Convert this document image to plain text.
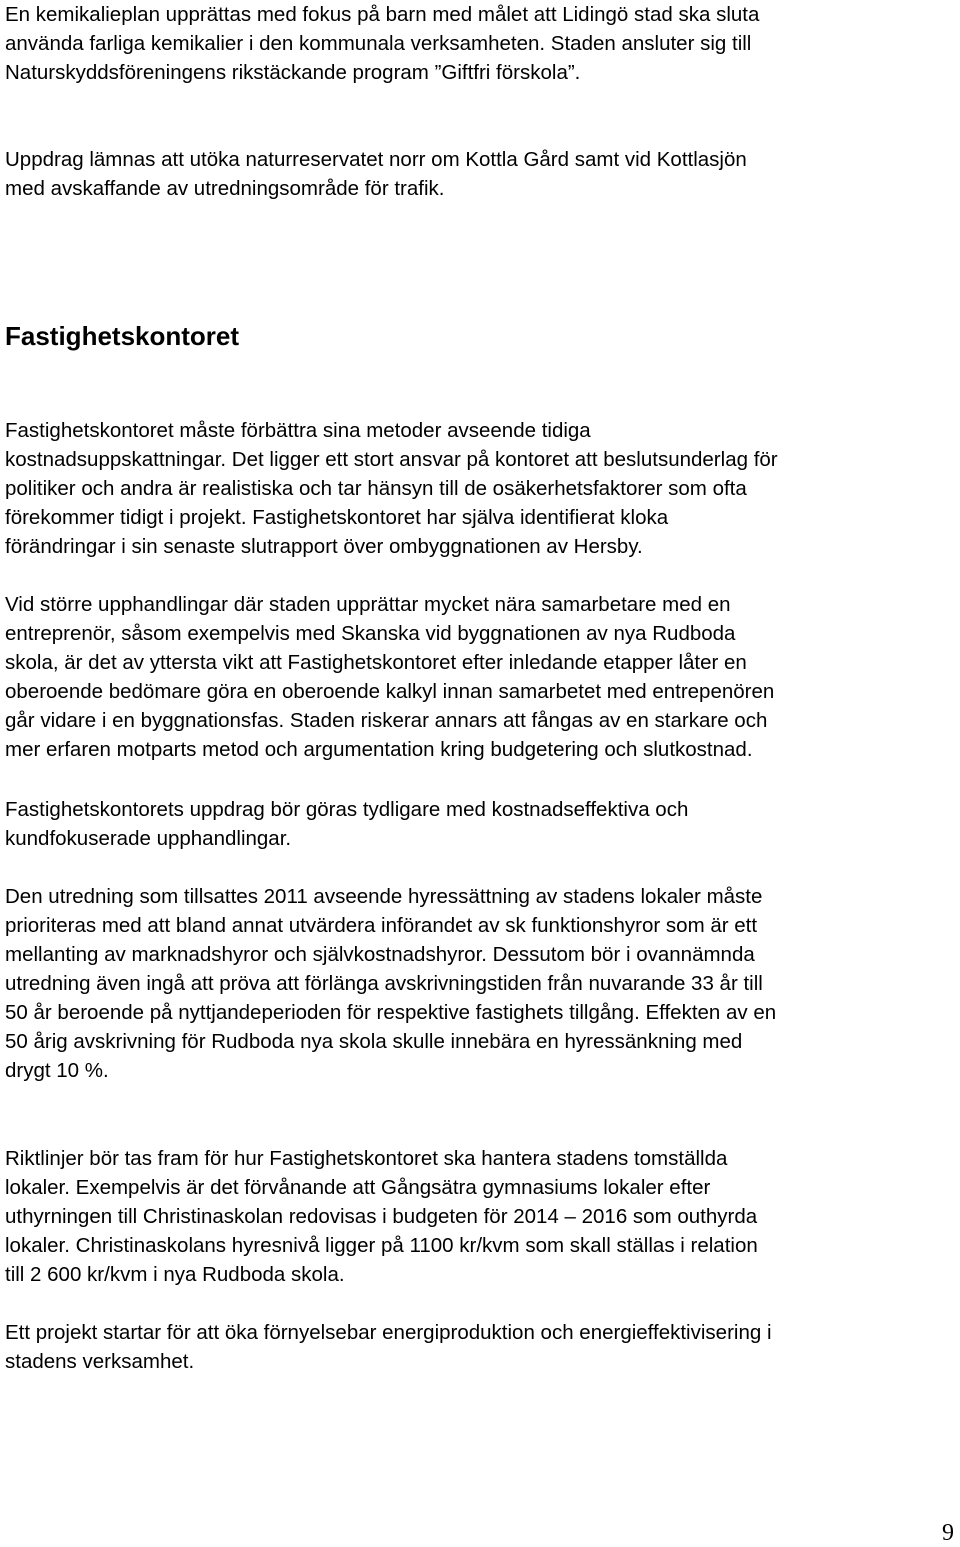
En kemikalieplan upprättas med fokus på barn med målet att Lidingö stad ska sluta
använda farliga kemikalier i den kommunala verksamheten. Staden ansluter sig till
Naturskyddsföreningens rikstäckande program ”Giftfri förskola”.

Uppdrag lämnas att utöka naturreservatet norr om Kottla Gård samt vid Kottlasjön
med avskaffande av utredningsområde för trafik.

Fastighetskontoret

Fastighetskontoret måste förbättra sina metoder avseende tidiga
kostnadsuppskattningar. Det ligger ett stort ansvar på kontoret att beslutsunderlag för
politiker och andra är realistiska och tar hänsyn till de osäkerhetsfaktorer som ofta
förekommer tidigt i projekt. Fastighetskontoret har själva identifierat kloka
förändringar i sin senaste slutrapport över ombyggnationen av Hersby.

Vid större upphandlingar där staden upprättar mycket nära samarbetare med en
entreprenör, såsom exempelvis med Skanska vid byggnationen av nya Rudboda
skola, är det av yttersta vikt att Fastighetskontoret efter inledande etapper låter en
oberoende bedömare göra en oberoende kalkyl innan samarbetet med entrepenören
går vidare i en byggnationsfas. Staden riskerar annars att fångas av en starkare och
mer erfaren motparts metod och argumentation kring budgetering och slutkostnad.

Fastighetskontorets uppdrag bör göras tydligare med kostnadseffektiva och
kundfokuserade upphandlingar.

Den utredning som tillsattes 2011 avseende hyressättning av stadens lokaler måste
prioriteras med att bland annat utvärdera införandet av sk funktionshyror som är ett
mellanting av marknadshyror och självkostnadshyror. Dessutom bör i ovannämnda
utredning även ingå att pröva att förlänga avskrivningstiden från nuvarande 33 år till
50 år beroende på nyttjandeperioden för respektive fastighets tillgång. Effekten av en
50 årig avskrivning för Rudboda nya skola skulle innebära en hyressänkning med
drygt 10 %.

Riktlinjer bör tas fram för hur Fastighetskontoret ska hantera stadens tomställda
lokaler. Exempelvis är det förvånande att Gångsätra gymnasiums lokaler efter
uthyrningen till Christinaskolan redovisas i budgeten för 2014 – 2016 som outhyrda
lokaler. Christinaskolans hyresnivå ligger på 1100 kr/kvm som skall ställas i relation
till 2 600 kr/kvm i nya Rudboda skola.

Ett projekt startar för att öka förnyelsebar energiproduktion och energieffektivisering i
stadens verksamhet.

9
